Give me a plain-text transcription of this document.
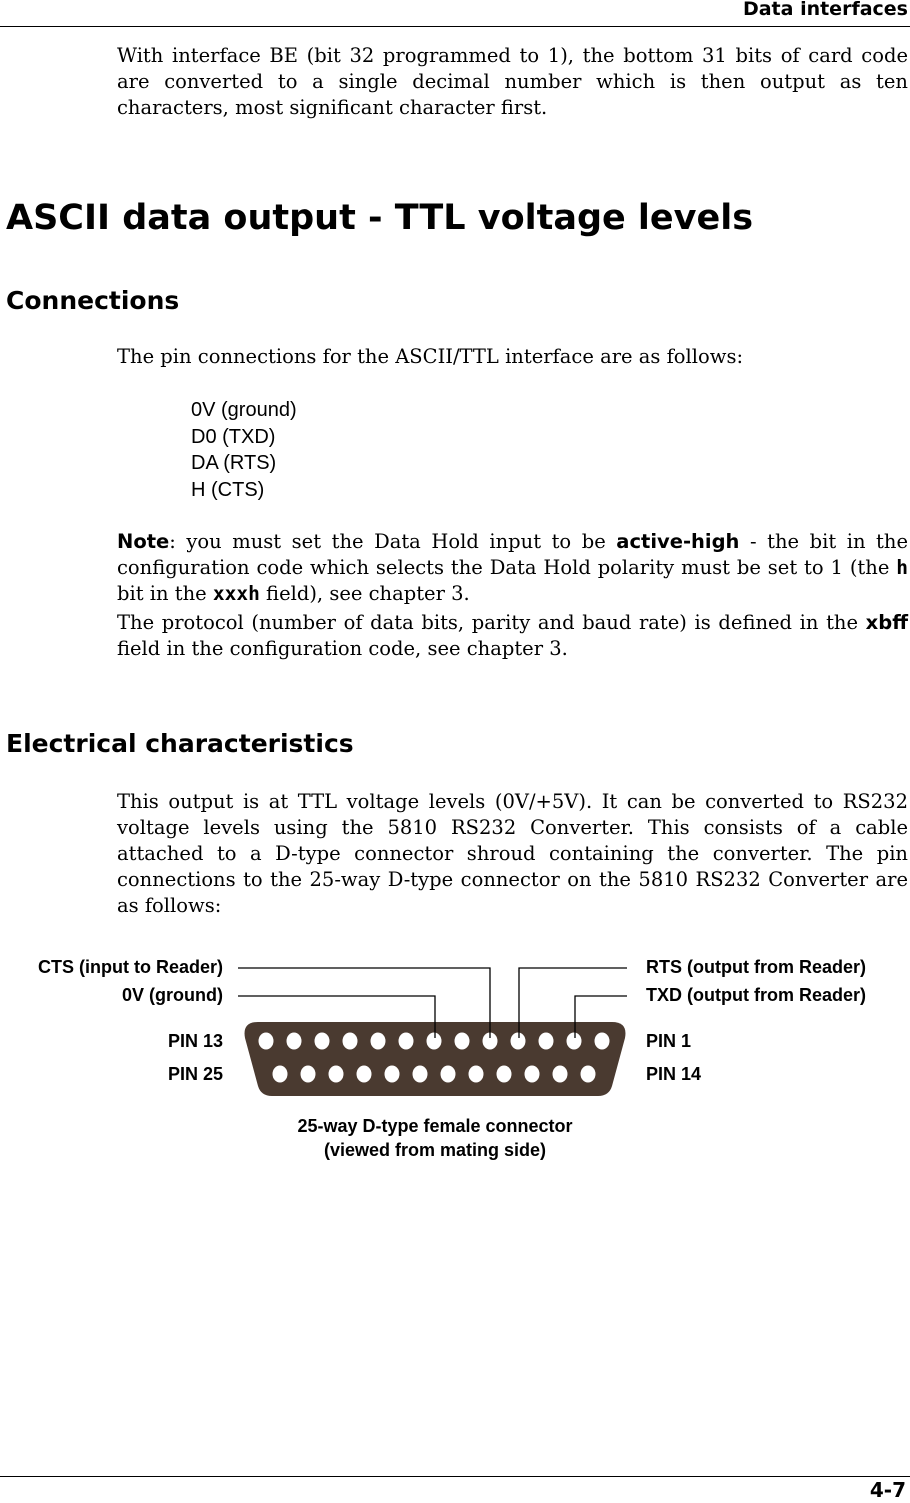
Data interfaces

With interface BE (bit 32 programmed to 1), the bottom 31 bits of card code are converted to a single decimal number which is then output as ten characters, most significant character first.

ASCII data output - TTL voltage levels
Connections

The pin connections for the ASCII/TTL interface are as follows:

0V (ground)
D0 (TXD)
DA (RTS)
H (CTS)

Note: you must set the Data Hold input to be active-high - the bit in the configuration code which selects the Data Hold polarity must be set to 1 (the h bit in the xxxh field), see chapter 3.

The protocol (number of data bits, parity and baud rate) is defined in the xbff field in the configuration code, see chapter 3.

Electrical characteristics

This output is at TTL voltage levels (0V/+5V). It can be converted to RS232 voltage levels using the 5810 RS232 Converter. This consists of a cable attached to a D-type connector shroud containing the converter. The pin connections to the 25-way D-type connector on the 5810 RS232 Converter are as follows:

CTS (input to Reader)
0V (ground)
RTS (output from Reader)
TXD (output from Reader)
PIN 13
PIN 25
PIN 1
PIN 14
25-way D-type female connector
(viewed from mating side)
4-7
